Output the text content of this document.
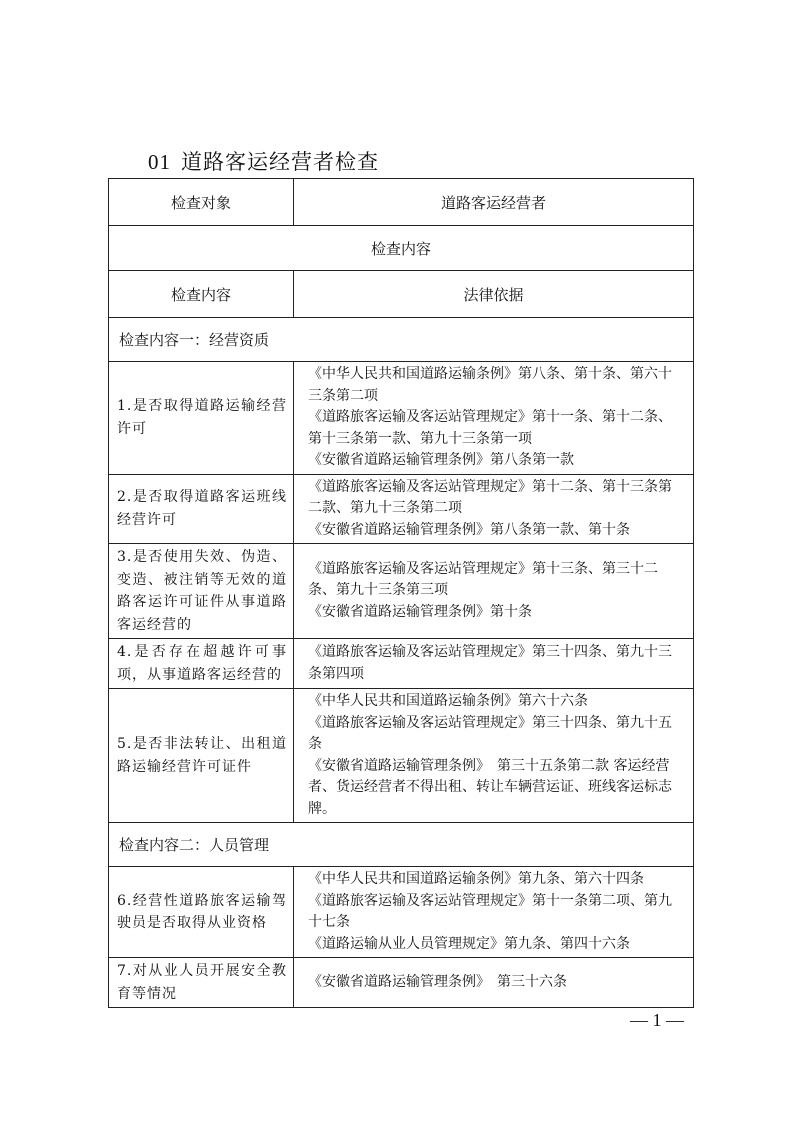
01 道路客运经营者检查
检查对象	道路客运经营者
检查内容	
检查内容	法律依据
检查内容一：经营资质	
1.是否取得道路运输经营许可	《中华人民共和国道路运输条例》第八条、第十条、第六十三条第二项
《道路旅客运输及客运站管理规定》第十一条、第十二条、第十三条第一款、第九十三条第一项
《安徽省道路运输管理条例》第八条第一款

2.是否取得道路客运班线经营许可	《道路旅客运输及客运站管理规定》第十二条、第十三条第二款、第九十三条第二项
《安徽省道路运输管理条例》第八条第一款、第十条

3.是否使用失效、伪造、变造、被注销等无效的道路客运许可证件从事道路客运经营的	《道路旅客运输及客运站管理规定》第十三条、第三十二条、第九十三条第三项
《安徽省道路运输管理条例》第十条

4.是否存在超越许可事项，从事道路客运经营的	《道路旅客运输及客运站管理规定》第三十四条、第九十三条第四项

5.是否非法转让、出租道路运输经营许可证件	《中华人民共和国道路运输条例》第六十六条
《道路旅客运输及客运站管理规定》第三十四条、第九十五条
《安徽省道路运输管理条例》　第三十五条第二款 客运经营者、货运经营者不得出租、转让车辆营运证、班线客运标志牌。

检查内容二：人员管理	
6.经营性道路旅客运输驾驶员是否取得从业资格	《中华人民共和国道路运输条例》第九条、第六十四条
《道路旅客运输及客运站管理规定》第十一条第二项、第九十七条
《道路运输从业人员管理规定》第九条、第四十六条

7.对从业人员开展安全教育等情况	《安徽省道路运输管理条例》　第三十六条
— 1 —
